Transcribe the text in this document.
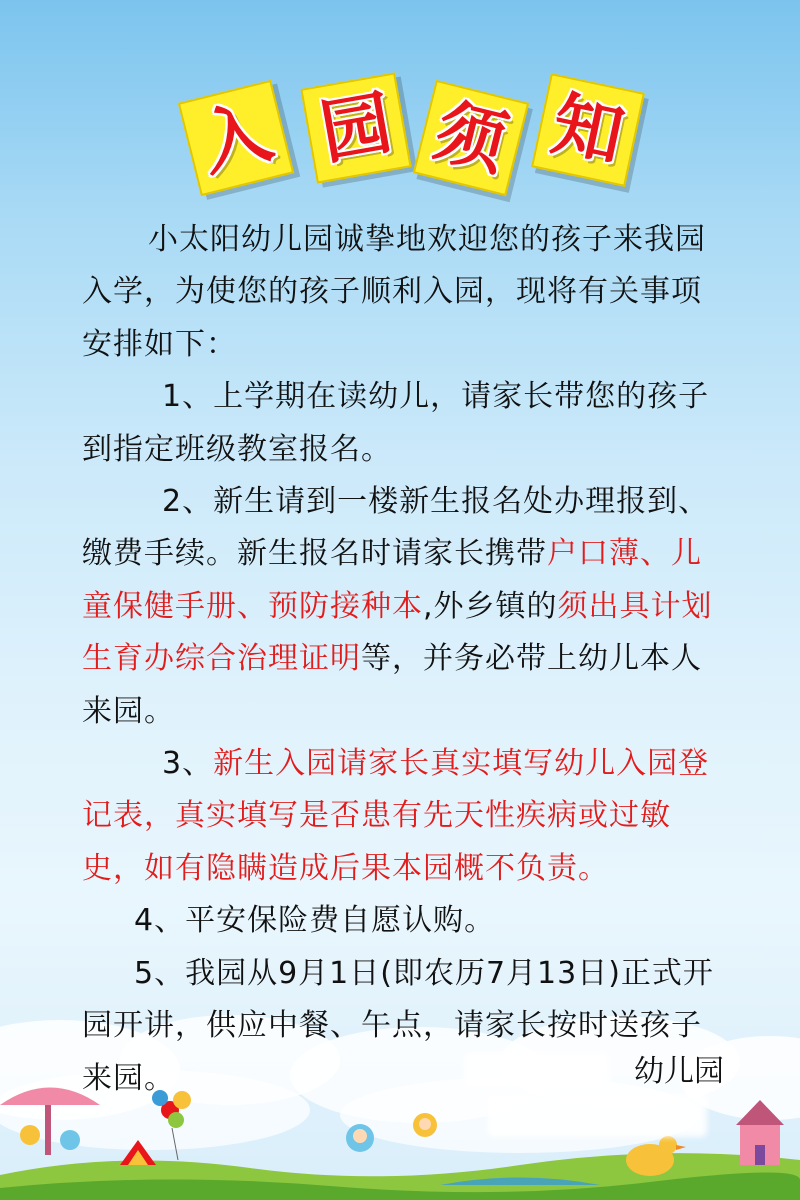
入 园 须 知

小太阳幼儿园诚挚地欢迎您的孩子来我园入学，为使您的孩子顺利入园，现将有关事项安排如下：

1、上学期在读幼儿，请家长带您的孩子到指定班级教室报名。

2、新生请到一楼新生报名处办理报到、缴费手续。新生报名时请家长携带户口薄、儿童保健手册、预防接种本,外乡镇的须出具计划生育办综合治理证明等，并务必带上幼儿本人来园。

3、新生入园请家长真实填写幼儿入园登记表，真实填写是否患有先天性疾病或过敏史，如有隐瞒造成后果本园概不负责。

4、平安保险费自愿认购。

5、我园从9月1日(即农历7月13日)正式开园开讲，供应中餐、午点，请家长按时送孩子来园。	幼儿园
